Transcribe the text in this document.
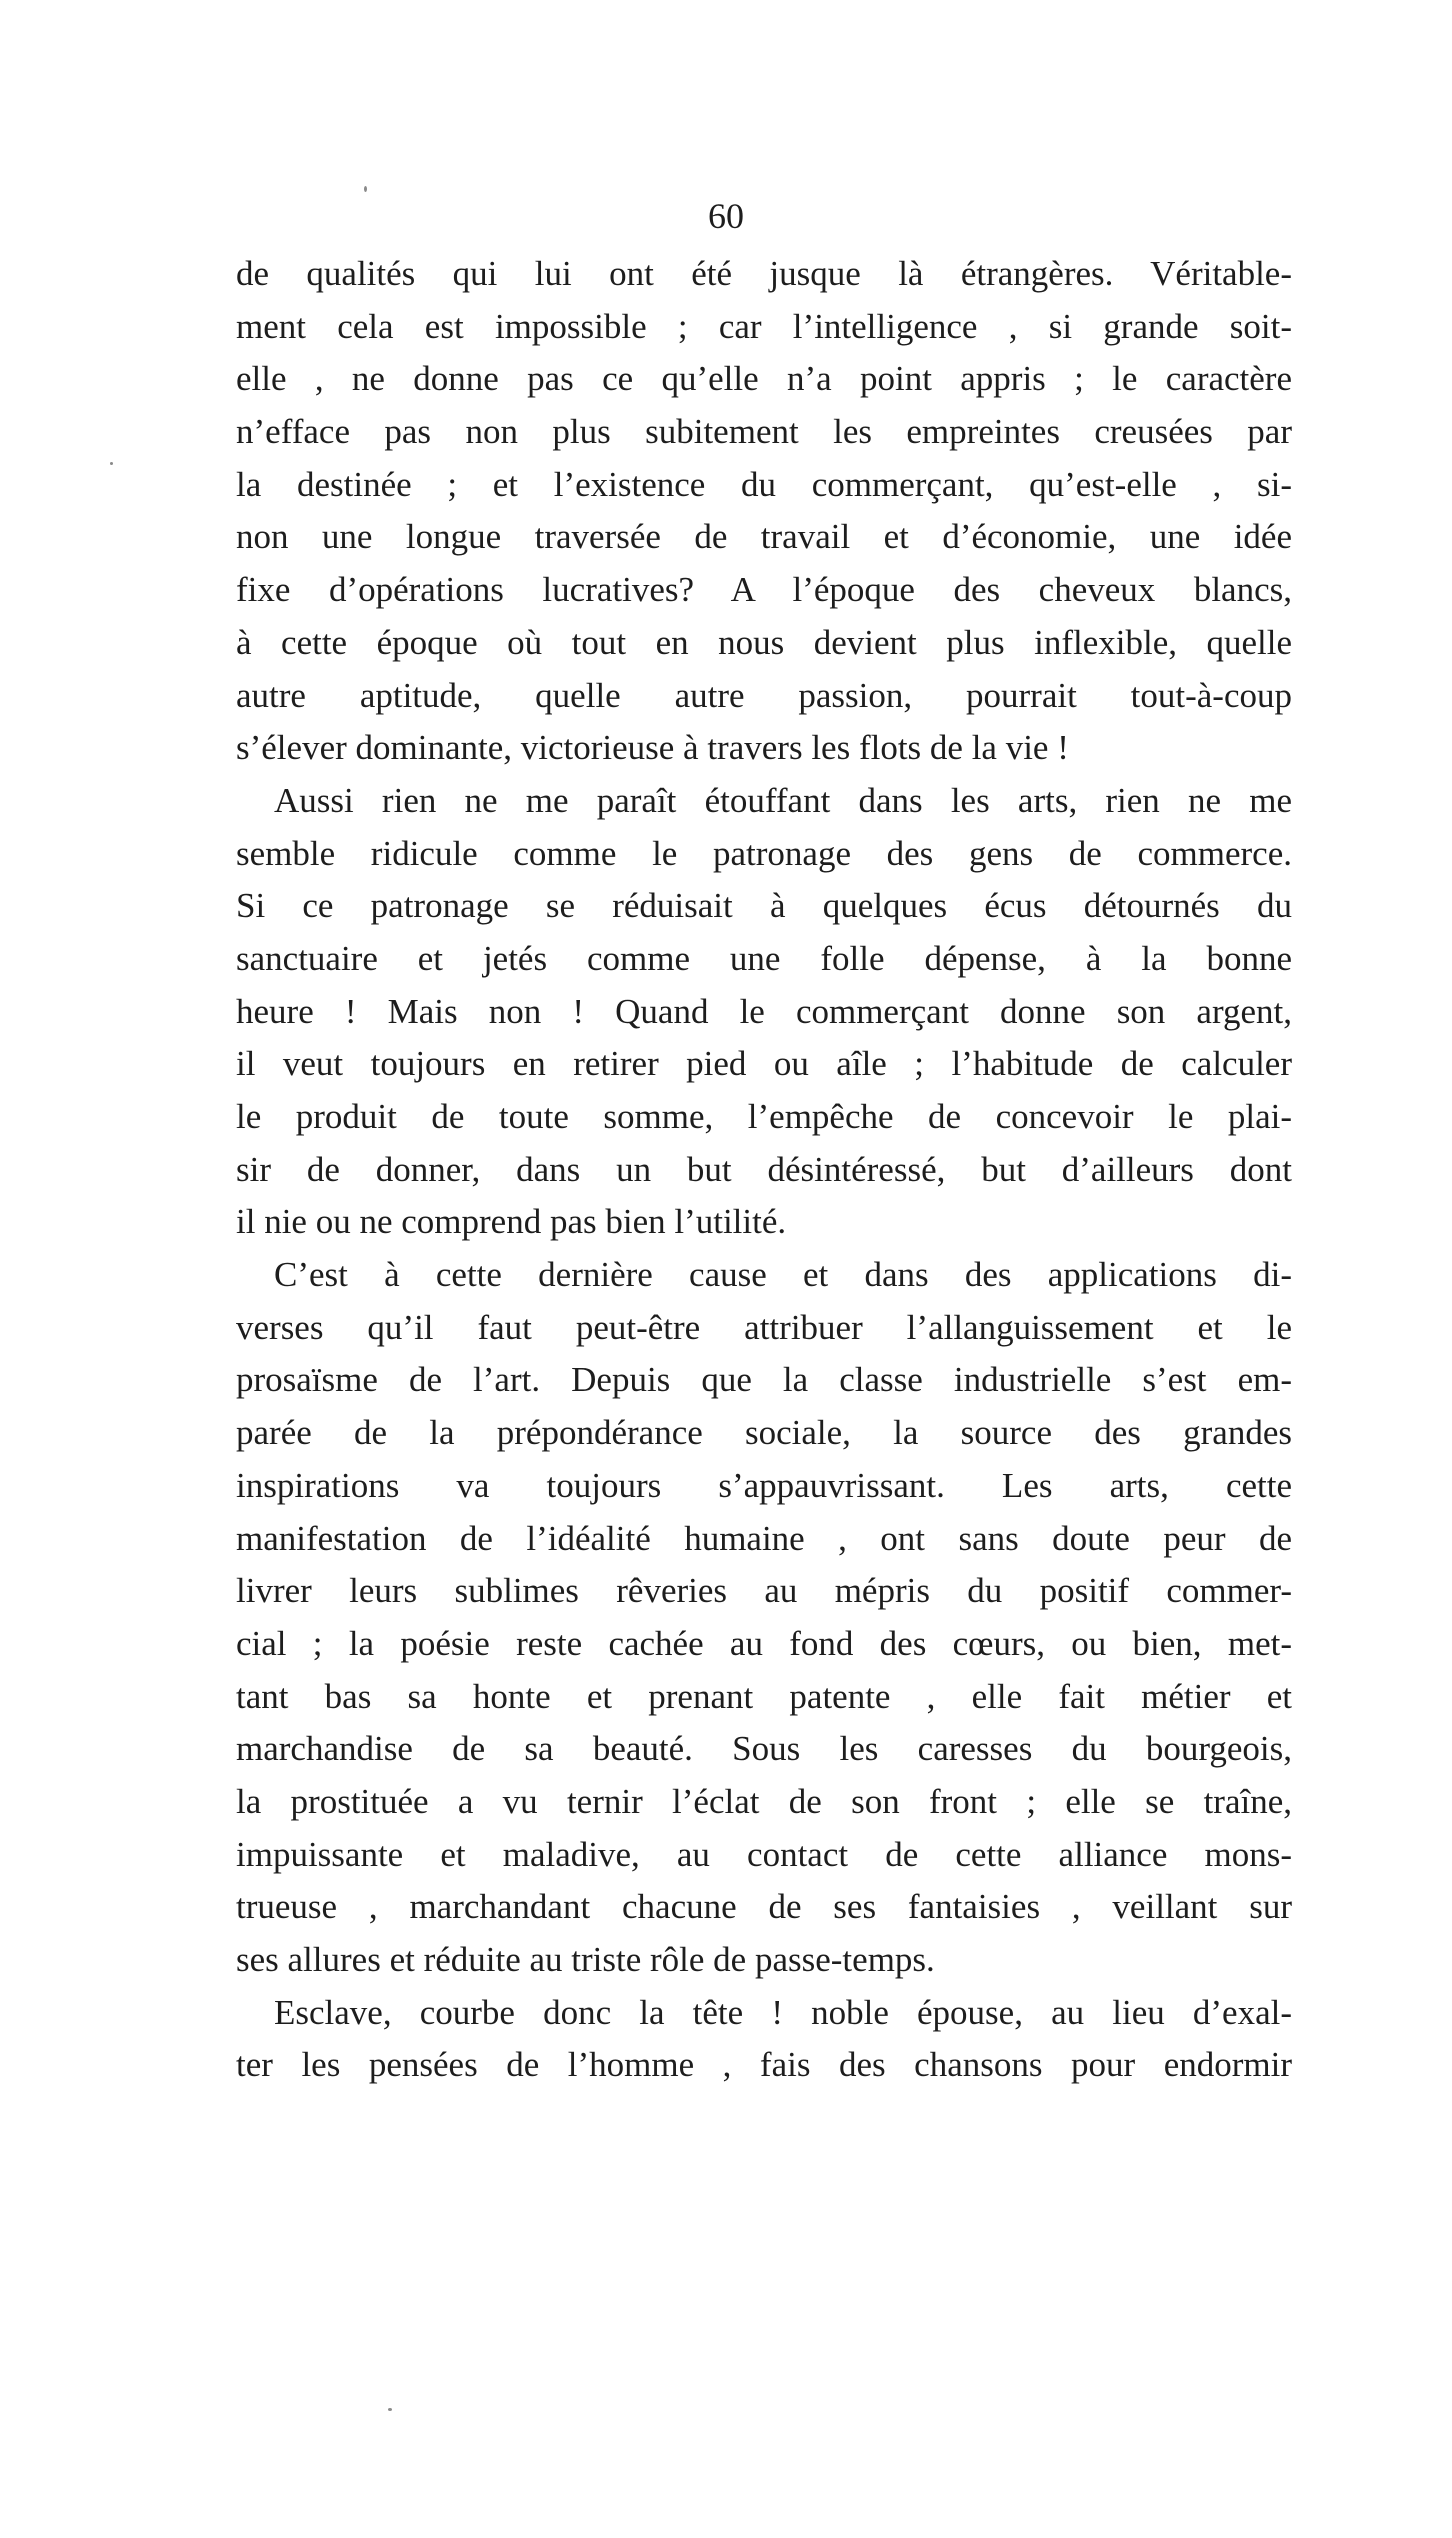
60
de qualités qui lui ont été jusque là étrangères. Véritable-
ment cela est impossible ; car l’intelligence , si grande soit-
elle , ne donne pas ce qu’elle n’a point appris ; le caractère
n’efface pas non plus subitement les empreintes creusées par
la destinée ; et l’existence du commerçant, qu’est-elle , si-
non une longue traversée de travail et d’économie, une idée
fixe d’opérations lucratives? A l’époque des cheveux blancs,
à cette époque où tout en nous devient plus inflexible, quelle
autre aptitude, quelle autre passion, pourrait tout-à-coup
s’élever dominante, victorieuse à travers les flots de la vie !
Aussi rien ne me paraît étouffant dans les arts, rien ne me
semble ridicule comme le patronage des gens de commerce.
Si ce patronage se réduisait à quelques écus détournés du
sanctuaire et jetés comme une folle dépense, à la bonne
heure ! Mais non ! Quand le commerçant donne son argent,
il veut toujours en retirer pied ou aîle ; l’habitude de calculer
le produit de toute somme, l’empêche de concevoir le plai-
sir de donner, dans un but désintéressé, but d’ailleurs dont
il nie ou ne comprend pas bien l’utilité.
C’est à cette dernière cause et dans des applications di-
verses qu’il faut peut-être attribuer l’allanguissement et le
prosaïsme de l’art. Depuis que la classe industrielle s’est em-
parée de la prépondérance sociale, la source des grandes
inspirations va toujours s’appauvrissant. Les arts, cette
manifestation de l’idéalité humaine , ont sans doute peur de
livrer leurs sublimes rêveries au mépris du positif commer-
cial ; la poésie reste cachée au fond des cœurs, ou bien, met-
tant bas sa honte et prenant patente , elle fait métier et
marchandise de sa beauté. Sous les caresses du bourgeois,
la prostituée a vu ternir l’éclat de son front ; elle se traîne,
impuissante et maladive, au contact de cette alliance mons-
trueuse , marchandant chacune de ses fantaisies , veillant sur
ses allures et réduite au triste rôle de passe-temps.
Esclave, courbe donc la tête ! noble épouse, au lieu d’exal-
ter les pensées de l’homme , fais des chansons pour endormir
